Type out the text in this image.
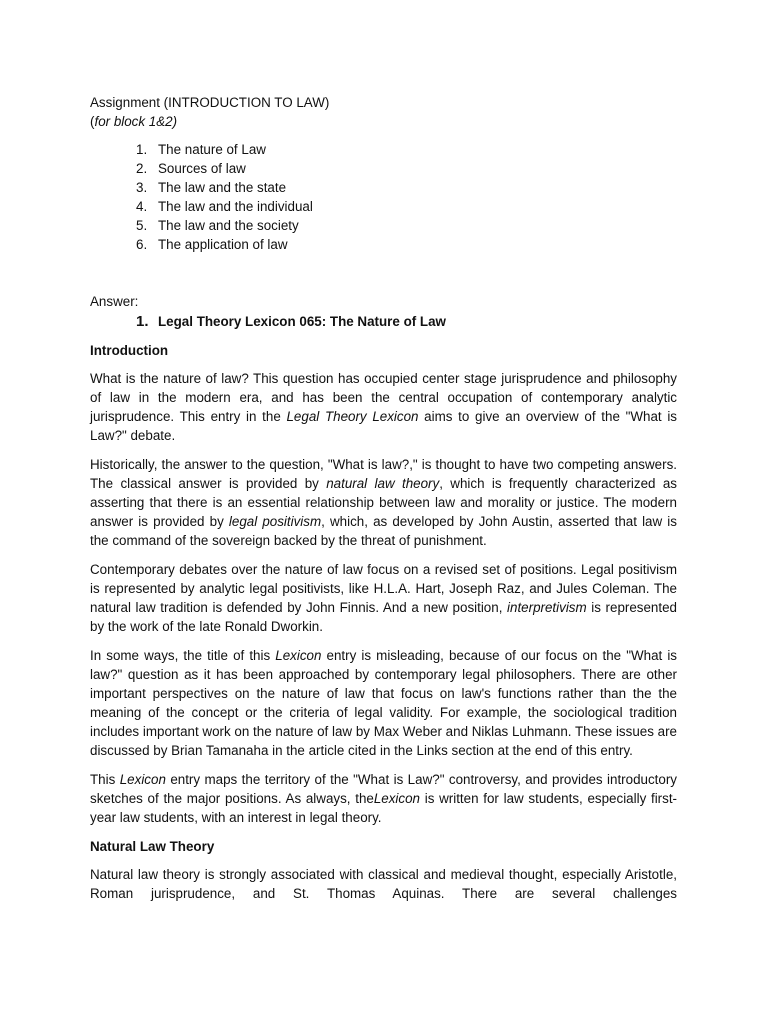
Assignment (INTRODUCTION TO LAW)
(for block 1&2)
1. The nature of Law
2. Sources of law
3. The law and the state
4. The law and the individual
5. The law and the society
6. The application of law
Answer:
1. Legal Theory Lexicon 065: The Nature of Law
Introduction

What is the nature of law? This question has occupied center stage jurisprudence and philosophy of law in the modern era, and has been the central occupation of contemporary analytic jurisprudence. This entry in the Legal Theory Lexicon aims to give an overview of the "What is Law?" debate.

Historically, the answer to the question, "What is law?," is thought to have two competing answers. The classical answer is provided by natural law theory, which is frequently characterized as asserting that there is an essential relationship between law and morality or justice. The modern answer is provided by legal positivism, which, as developed by John Austin, asserted that law is the command of the sovereign backed by the threat of punishment.

Contemporary debates over the nature of law focus on a revised set of positions. Legal positivism is represented by analytic legal positivists, like H.L.A. Hart, Joseph Raz, and Jules Coleman. The natural law tradition is defended by John Finnis. And a new position, interpretivism is represented by the work of the late Ronald Dworkin.

In some ways, the title of this Lexicon entry is misleading, because of our focus on the "What is law?" question as it has been approached by contemporary legal philosophers. There are other important perspectives on the nature of law that focus on law's functions rather than the the meaning of the concept or the criteria of legal validity. For example, the sociological tradition includes important work on the nature of law by Max Weber and Niklas Luhmann. These issues are discussed by Brian Tamanaha in the article cited in the Links section at the end of this entry.

This Lexicon entry maps the territory of the "What is Law?" controversy, and provides introductory sketches of the major positions. As always, theLexicon is written for law students, especially first-year law students, with an interest in legal theory.

Natural Law Theory

Natural law theory is strongly associated with classical and medieval thought, especially Aristotle, Roman jurisprudence, and St. Thomas Aquinas. There are several challenges
